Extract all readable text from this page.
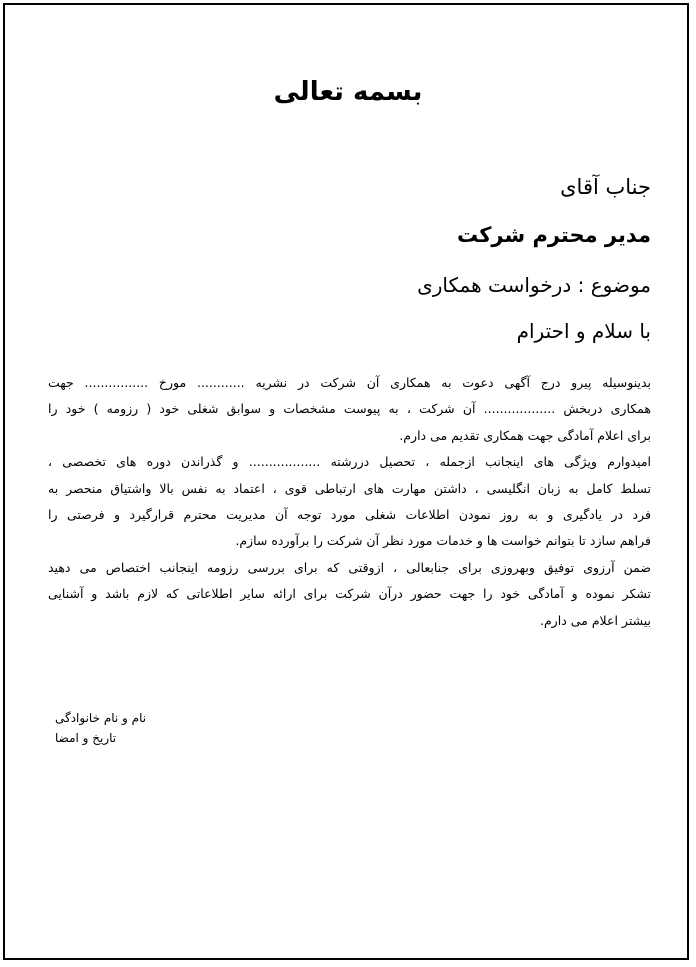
بسمه تعالی
جناب آقای
مدیر محترم شرکت
موضوع : درخواست همکاری
با سلام و احترام
بدینوسیله پیرو درج آگهی دعوت به همکاری آن شرکت در نشریه ............ مورخ ................ جهت
همکاری دربخش .................. آن شرکت ، به پیوست مشخصات و سوابق شغلی خود ( رزومه ) خود را
برای اعلام آمادگی جهت همکاری تقدیم می دارم.
امیدوارم ویژگی های اینجانب ازجمله ، تحصیل دررشته .................. و گذراندن دوره های تخصصی ،
تسلط کامل به زبان انگلیسی ، داشتن مهارت های ارتباطی قوی ، اعتماد به نفس بالا واشتیاق منحصر به
فرد در یادگیری و به روز نمودن اطلاعات شغلی مورد توجه آن مدیریت محترم قرارگیرد و فرصتی را
فراهم سازد تا بتوانم خواست ها و خدمات مورد نظر آن شرکت را برآورده سازم.
ضمن آرزوی توفیق وبهروزی برای جنابعالی ، ازوقتی که برای بررسی رزومه اینجانب اختصاص می دهید
تشکر نموده و آمادگی خود را جهت حضور درآن شرکت برای ارائه سایر اطلاعاتی که لازم باشد و آشنایی
بیشتر اعلام می دارم.
نام و نام خانوادگی
تاریخ و امضا
